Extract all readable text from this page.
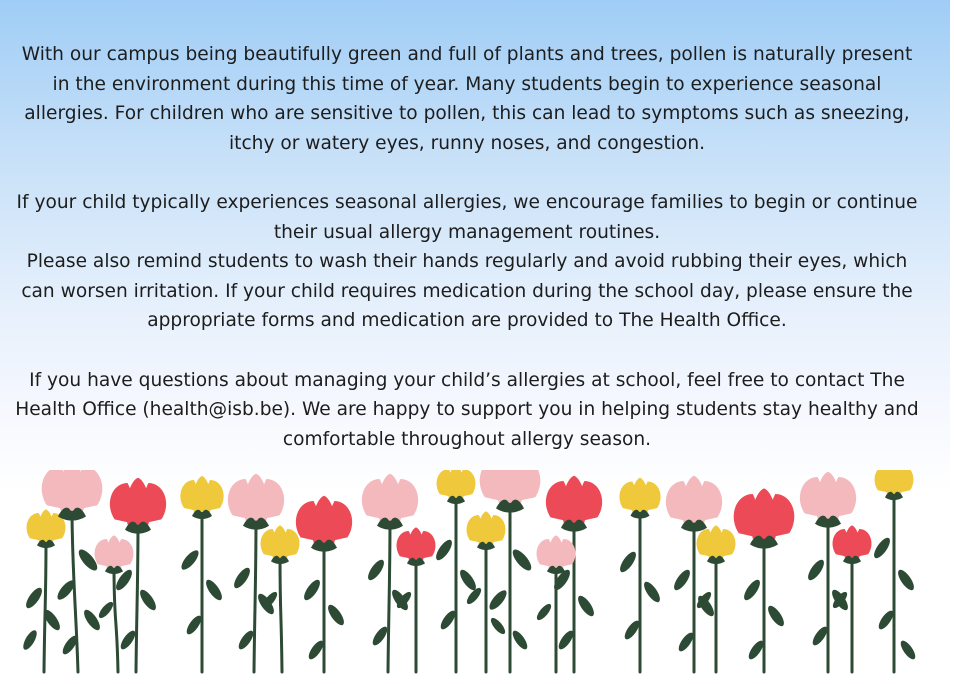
With our campus being beautifully green and full of plants and trees, pollen is naturally present in the environment during this time of year. Many students begin to experience seasonal allergies. For children who are sensitive to pollen, this can lead to symptoms such as sneezing, itchy or watery eyes, runny noses, and congestion.

If your child typically experiences seasonal allergies, we encourage families to begin or continue their usual allergy management routines.

Please also remind students to wash their hands regularly and avoid rubbing their eyes, which can worsen irritation. If your child requires medication during the school day, please ensure the appropriate forms and medication are provided to The Health Office.

If you have questions about managing your child’s allergies at school, feel free to contact The Health Office (health@isb.be). We are happy to support you in helping students stay healthy and comfortable throughout allergy season.
